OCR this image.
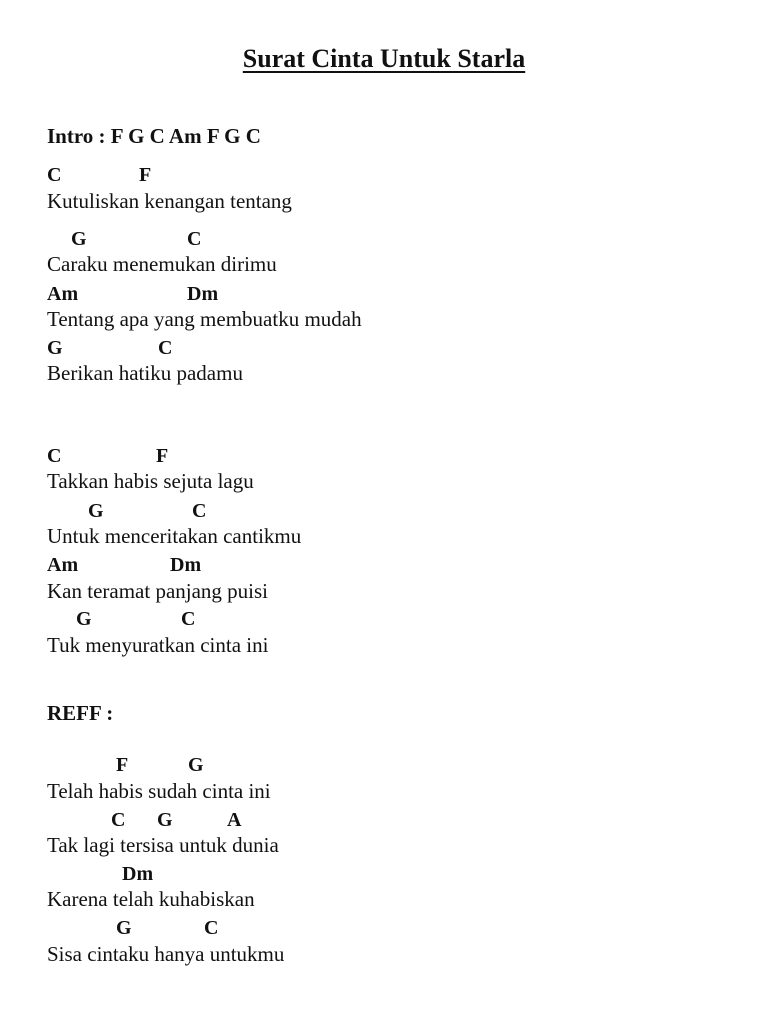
Surat Cinta Untuk Starla
Intro : F G C Am F G C
C	F
Kutuliskan kenangan tentang
G	C
Caraku menemukan dirimu
Am	Dm
Tentang apa yang membuatku mudah
G	C
Berikan hatiku padamu
C	F
Takkan habis sejuta lagu
G	C
Untuk menceritakan cantikmu
Am	Dm
Kan teramat panjang puisi
G	C
Tuk menyuratkan cinta ini
REFF :
F	G
Telah habis sudah cinta ini
C G	A
Tak lagi tersisa untuk dunia
Dm
Karena telah kuhabiskan
G	C
Sisa cintaku hanya untukmu
